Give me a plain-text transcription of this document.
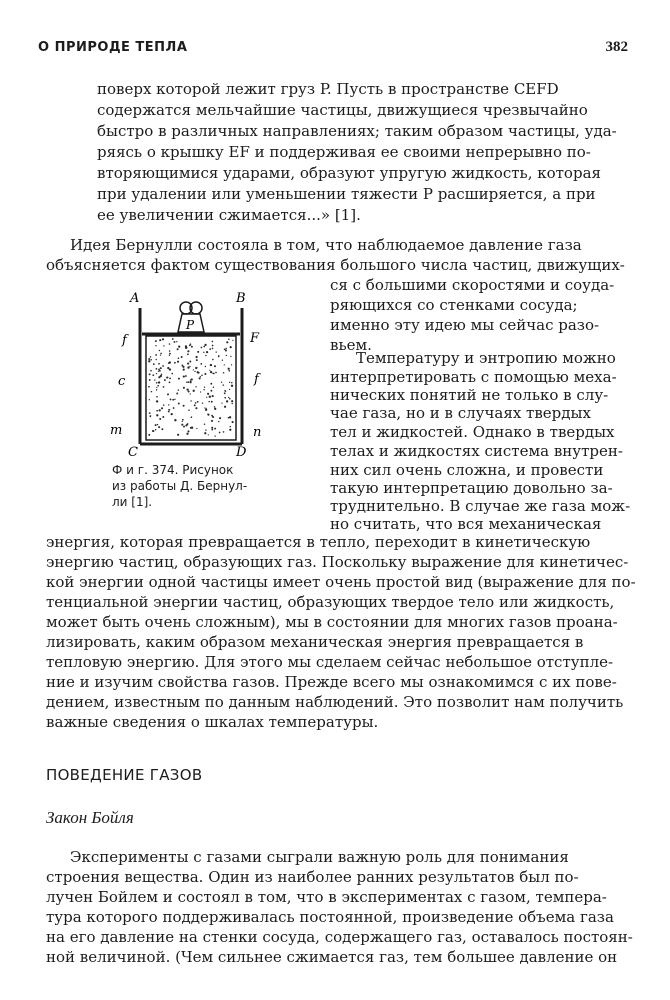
О ПРИРОДЕ ТЕПЛА	382
поверх которой лежит груз P. Пусть в пространстве CEFD
содержатся мельчайшие частицы, движущиеся чрезвычайно
быстро в различных направлениях; таким образом частицы, уда-
ряясь о крышку EF и поддерживая ее своими непрерывно по-
вторяющимися ударами, образуют упругую жидкость, которая
при удалении или уменьшении тяжести P расширяется, а при
ее увеличении сжимается...» [1].
Идея Бернулли состояла в том, что наблюдаемое давление газа
объясняется фактом существования большого числа частиц, движущих-
ся с большими скоростями и соуда-
ряющихся со стенками сосуда;
именно эту идею мы сейчас разо-
вьем.
Температуру и энтропию можно
интерпретировать с помощью меха-
нических понятий не только в слу-
чае газа, но и в случаях твердых
тел и жидкостей. Однако в твердых
телах и жидкостях система внутрен-
них сил очень сложна, и провести
такую интерпретацию довольно за-
труднительно. В случае же газа мож-
но считать, что вся механическая
энергия, которая превращается в тепло, переходит в кинетическую
энергию частиц, образующих газ. Поскольку выражение для кинетичес-
кой энергии одной частицы имеет очень простой вид (выражение для по-
тенциальной энергии частиц, образующих твердое тело или жидкость,
может быть очень сложным), мы в состоянии для многих газов проана-
лизировать, каким образом механическая энергия превращается в
тепловую энергию. Для этого мы сделаем сейчас небольшое отступле-
ние и изучим свойства газов. Прежде всего мы ознакомимся с их пове-
дением, известным по данным наблюдений. Это позволит нам получить
важные сведения о шкалах температуры.
ПОВЕДЕНИЕ ГАЗОВ
Закон Бойля
Эксперименты с газами сыграли важную роль для понимания
строения вещества. Один из наиболее ранних результатов был по-
лучен Бойлем и состоял в том, что в экспериментах с газом, темпера-
тура которого поддерживалась постоянной, произведение объема газа
на его давление на стенки сосуда, содержащего газ, оставалось постоян-
ной величиной. (Чем сильнее сжимается газ, тем большее давление он
A	B
f	F
c	f
m	n
C	D
P
Ф и г. 374. Рисунок
из работы Д. Бернул-
ли [1].
